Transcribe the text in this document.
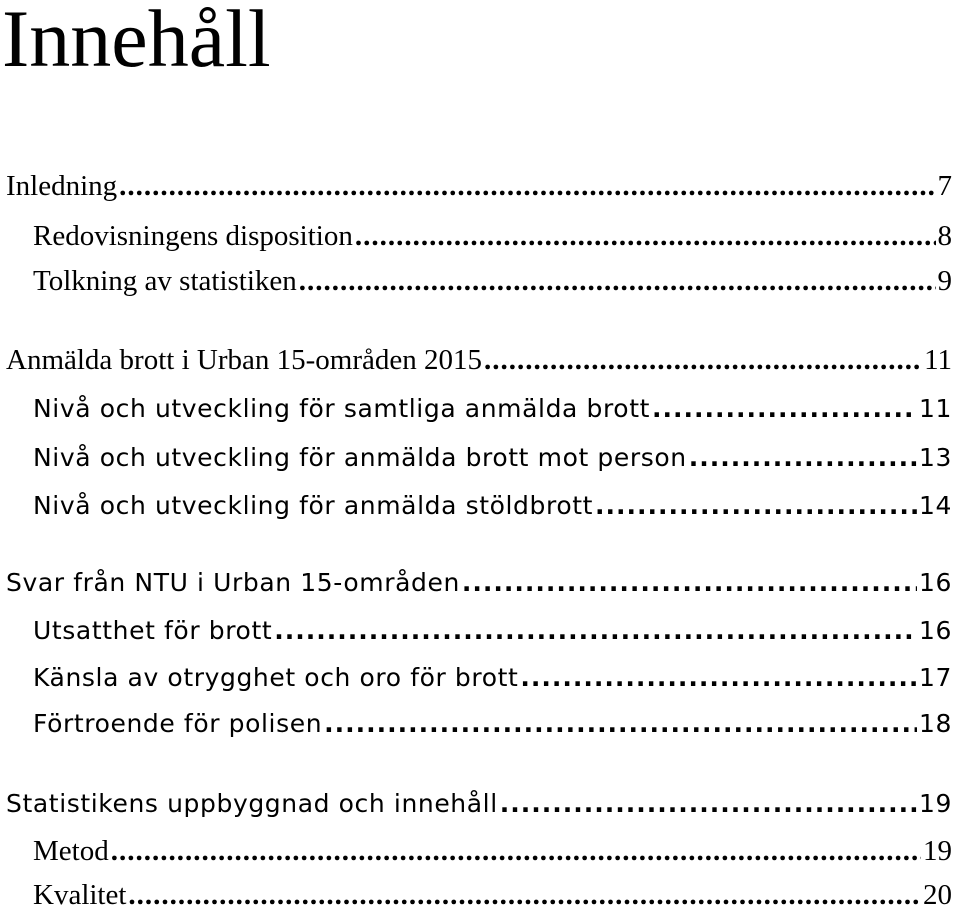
Innehåll
Inledning .....	7
Redovisningens disposition .....	8
Tolkning av statistiken .....	9
Anmälda brott i Urban 15-områden 2015 .....	11
Nivå och utveckling för samtliga anmälda brott .....	11
Nivå och utveckling för anmälda brott mot person .....	13
Nivå och utveckling för anmälda stöldbrott .....	14
Svar från NTU i Urban 15-områden .....	16
Utsatthet för brott .....	16
Känsla av otrygghet och oro för brott .....	17
Förtroende för polisen .....	18
Statistikens uppbyggnad och innehåll .....	19
Metod .....	19
Kvalitet .....	20
